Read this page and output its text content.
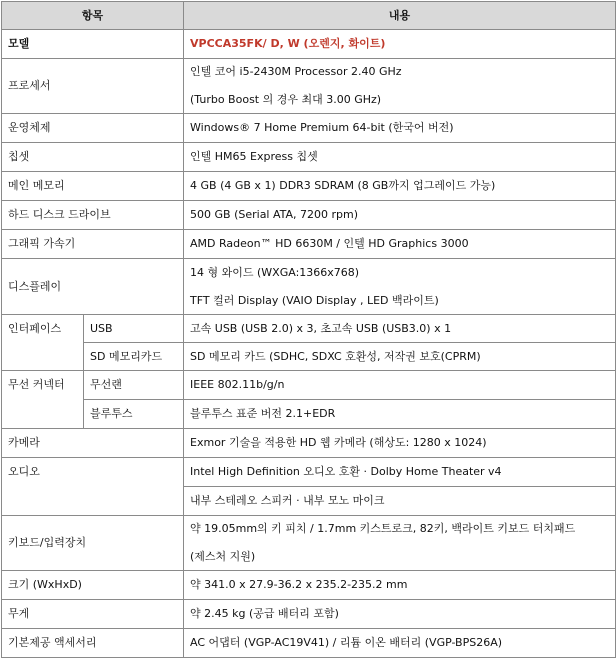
항목		내용
모델		VPCCA35FK/ D, W (오렌지, 화이트)
프로세서		인텔 코어 i5-2430M Processor 2.40 GHz
(Turbo Boost 의 경우 최대 3.00 GHz)

운영체제		Windows® 7 Home Premium 64-bit (한국어 버전)
칩셋		인텔 HM65 Express 칩셋
메인 메모리		4 GB (4 GB x 1) DDR3 SDRAM (8 GB까지 업그레이드 가능)
하드 디스크 드라이브		500 GB (Serial ATA, 7200 rpm)
그래픽 가속기		AMD Radeon™ HD 6630M / 인텔 HD Graphics 3000
디스플레이		14 형 와이드 (WXGA:1366x768)
TFT 컬러 Display (VAIO Display , LED 백라이트)

인터페이스	USB	고속 USB (USB 2.0) x 3, 초고속 USB (USB3.0) x 1
	SD 메모리카드	SD 메모리 카드 (SDHC, SDXC 호환성, 저작권 보호(CPRM)
무선 커넥터	무선랜	IEEE 802.11b/g/n
	블루투스	블루투스 표준 버전 2.1+EDR
카메라		Exmor 기술을 적용한 HD 웹 카메라 (해상도: 1280 x 1024)
오디오		Intel High Definition 오디오 호환 · Dolby Home Theater v4
		내부 스테레오 스피커 · 내부 모노 마이크
키보드/입력장치		약 19.05mm의 키 피치 / 1.7mm 키스트로크, 82키, 백라이트 키보드 터치패드
(제스처 지원)

크기 (WxHxD)		약 341.0 x 27.9-36.2 x 235.2-235.2 mm
무게		약 2.45 kg (공급 배터리 포함)
기본제공 액세서리		AC 어댑터 (VGP-AC19V41) / 리튬 이온 배터리 (VGP-BPS26A)
